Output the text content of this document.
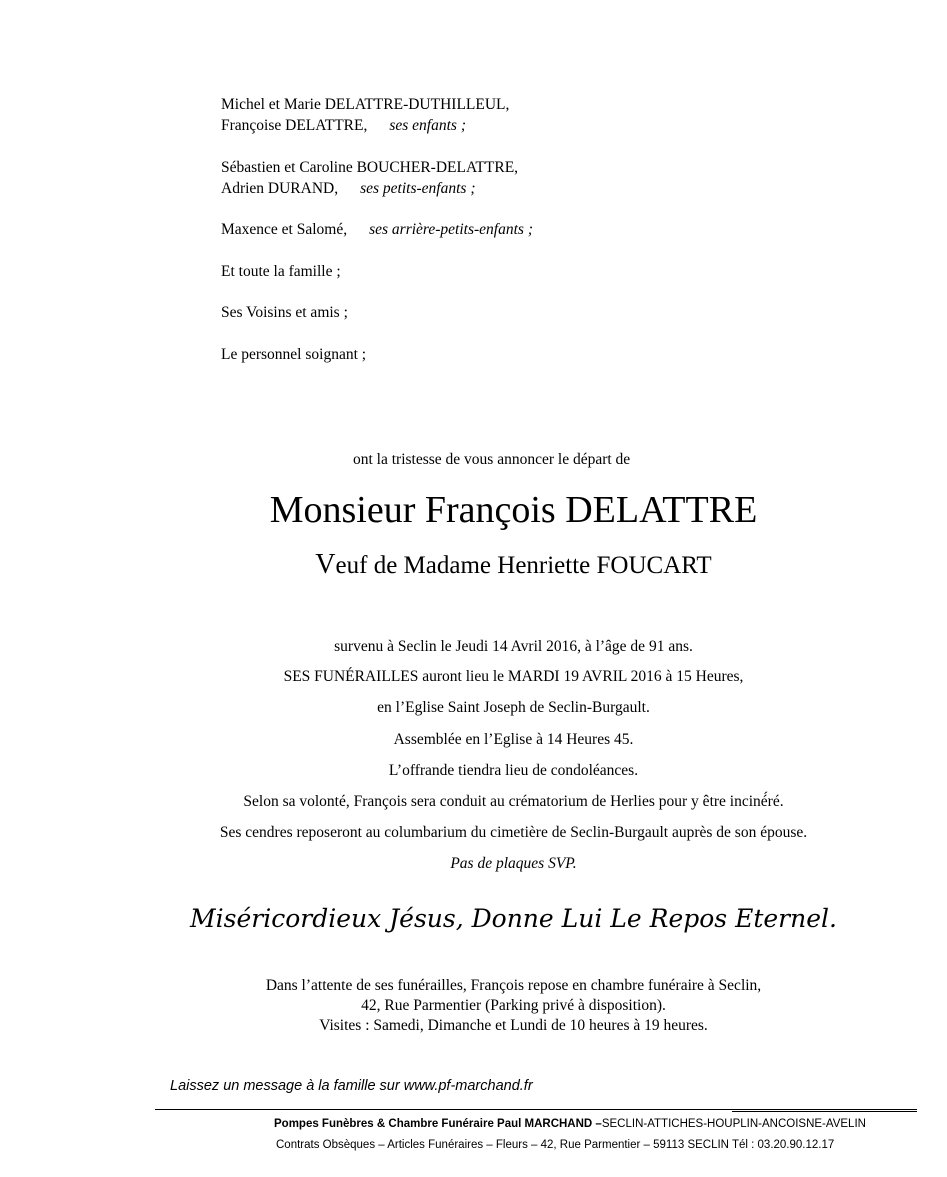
Michel et Marie DELATTRE-DUTHILLEUL,
Françoise DELATTRE, ses enfants ;
Sébastien et Caroline BOUCHER-DELATTRE,
Adrien DURAND, ses petits-enfants ;
Maxence et Salomé, ses arrière-petits-enfants ;
Et toute la famille ;
Ses Voisins et amis ;
Le personnel soignant ;
ont la tristesse de vous annoncer le départ de
Monsieur François DELATTRE
Veuf de Madame Henriette FOUCART
survenu à Seclin le Jeudi 14 Avril 2016, à l’âge de 91 ans.
SES FUNÉRAILLES auront lieu le MARDI 19 AVRIL 2016 à 15 Heures,
en l’Eglise Saint Joseph de Seclin-Burgault.
Assemblée en l’Eglise à 14 Heures 45.
L’offrande tiendra lieu de condoléances.
Selon sa volonté, François sera conduit au crématorium de Herlies pour y être inciné́ré.
Ses cendres reposeront au columbarium du cimetière de Seclin-Burgault auprès de son épouse.
Pas de plaques SVP.
Miséricordieux Jésus, Donne Lui Le Repos Eternel.
Dans l’attente de ses funérailles, François repose en chambre funéraire à Seclin,
42, Rue Parmentier (Parking privé à disposition).
Visites : Samedi, Dimanche et Lundi de 10 heures à 19 heures.
Laissez un message à la famille sur www.pf-marchand.fr
Pompes Funèbres & Chambre Funéraire Paul MARCHAND –SECLIN-ATTICHES-HOUPLIN-ANCOISNE-AVELIN
Contrats Obsèques – Articles Funéraires – Fleurs – 42, Rue Parmentier – 59113 SECLIN Tél : 03.20.90.12.17
